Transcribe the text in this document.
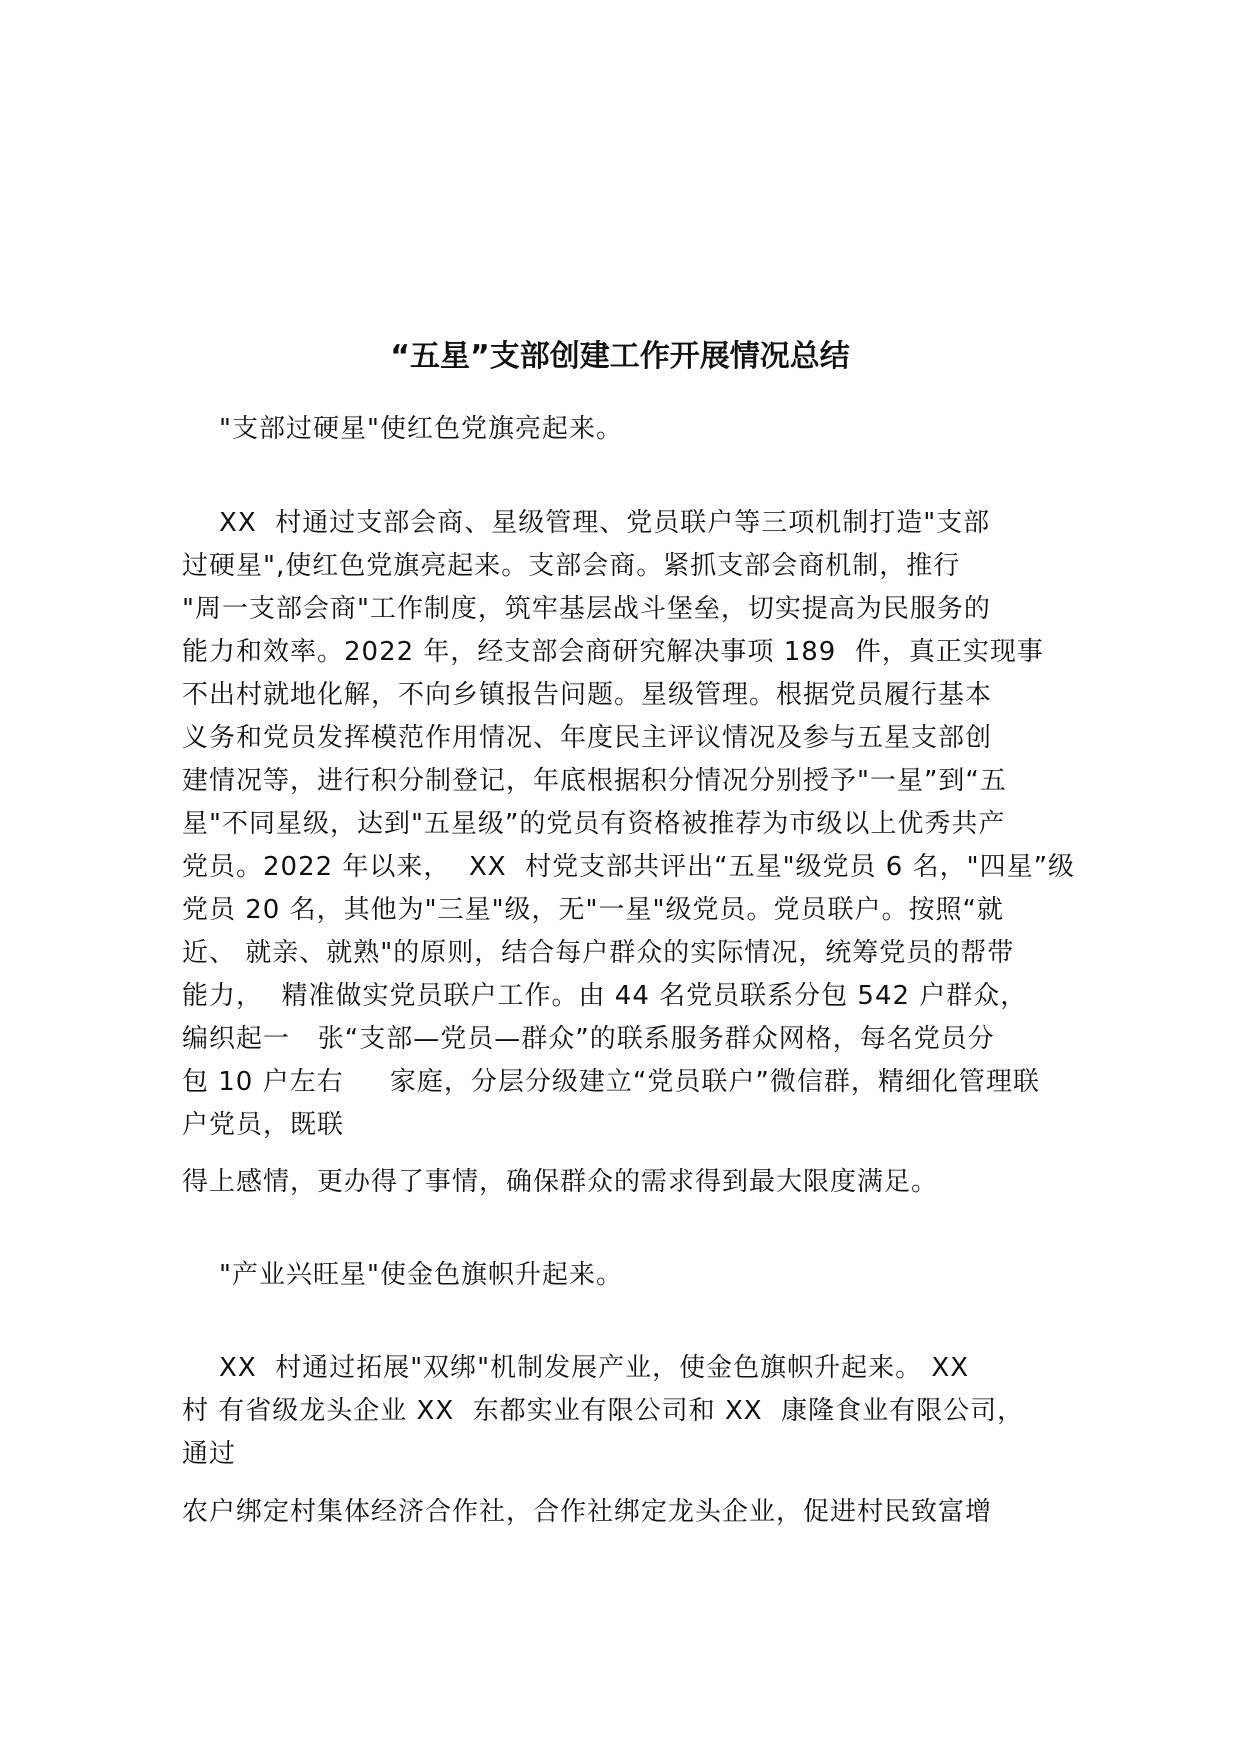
“五星”支部创建工作开展情况总结
"支部过硬星"使红色党旗亮起来。
XX  村通过支部会商、星级管理、党员联户等三项机制打造"支部
过硬星",使红色党旗亮起来。支部会商。紧抓支部会商机制，推行
"周一支部会商"工作制度，筑牢基层战斗堡垒，切实提高为民服务的
能力和效率。2022 年，经支部会商研究解决事项 189  件，真正实现事
不出村就地化解，不向乡镇报告问题。星级管理。根据党员履行基本
义务和党员发挥模范作用情况、年度民主评议情况及参与五星支部创
建情况等，进行积分制登记，年底根据积分情况分别授予"一星”到“五
星"不同星级，达到"五星级”的党员有资格被推荐为市级以上优秀共产
党员。2022 年以来，  XX  村党支部共评出“五星"级党员 6 名，"四星”级
党员 20 名，其他为"三星"级，无"一星"级党员。党员联户。按照“就
近、 就亲、就熟"的原则，结合每户群众的实际情况，统筹党员的帮带
能力，  精准做实党员联户工作。由 44 名党员联系分包 542 户群众，
编织起一   张“支部—党员—群众”的联系服务群众网格，每名党员分
包 10 户左右     家庭，分层分级建立“党员联户”微信群，精细化管理联
户党员，既联
得上感情，更办得了事情，确保群众的需求得到最大限度满足。
"产业兴旺星"使金色旗帜升起来。
XX  村通过拓展"双绑"机制发展产业，使金色旗帜升起来。 XX
村 有省级龙头企业 XX  东都实业有限公司和 XX  康隆食业有限公司，
通过
农户绑定村集体经济合作社，合作社绑定龙头企业，促进村民致富增
